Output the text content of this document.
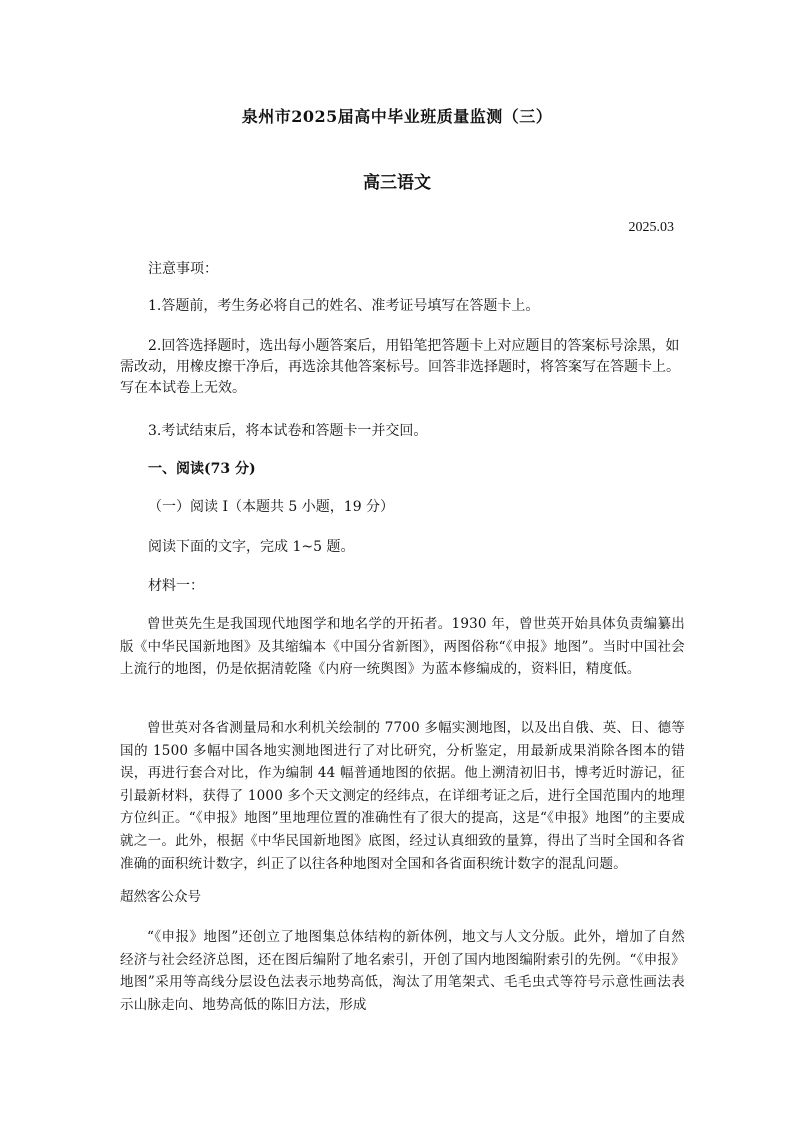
泉州市2025届高中毕业班质量监测（三）
高三语文
2025.03
注意事项：
1.答题前，考生务必将自己的姓名、准考证号填写在答题卡上。
2.回答选择题时，选出每小题答案后，用铅笔把答题卡上对应题目的答案标号涂黑，如需改动，用橡皮擦干净后，再选涂其他答案标号。回答非选择题时，将答案写在答题卡上。写在本试卷上无效。
3.考试结束后，将本试卷和答题卡一并交回。
一、阅读(73 分)
（一）阅读 I（本题共 5 小题，19 分）
阅读下面的文字，完成 1~5 题。
材料一：
曾世英先生是我国现代地图学和地名学的开拓者。1930 年，曾世英开始具体负责编纂出版《中华民国新地图》及其缩编本《中国分省新图》，两图俗称“《申报》地图”。当时中国社会上流行的地图，仍是依据清乾隆《内府一统舆图》为蓝本修编成的，资料旧，精度低。
曾世英对各省测量局和水利机关绘制的 7700 多幅实测地图，以及出自俄、英、日、德等国的 1500 多幅中国各地实测地图进行了对比研究，分析鉴定，用最新成果消除各图本的错误，再进行套合对比，作为编制 44 幅普通地图的依据。他上溯清初旧书，博考近时游记，征引最新材料，获得了 1000 多个天文测定的经纬点，在详细考证之后，进行全国范围内的地理方位纠正。“《申报》地图”里地理位置的准确性有了很大的提高，这是“《申报》地图”的主要成就之一。此外，根据《中华民国新地图》底图，经过认真细致的量算，得出了当时全国和各省准确的面积统计数字，纠正了以往各种地图对全国和各省面积统计数字的混乱问题。
超然客公众号
“《申报》地图”还创立了地图集总体结构的新体例，地文与人文分版。此外，增加了自然经济与社会经济总图，还在图后编附了地名索引，开创了国内地图编附索引的先例。“《申报》地图”采用等高线分层设色法表示地势高低，淘汰了用笔架式、毛毛虫式等符号示意性画法表示山脉走向、地势高低的陈旧方法，形成
